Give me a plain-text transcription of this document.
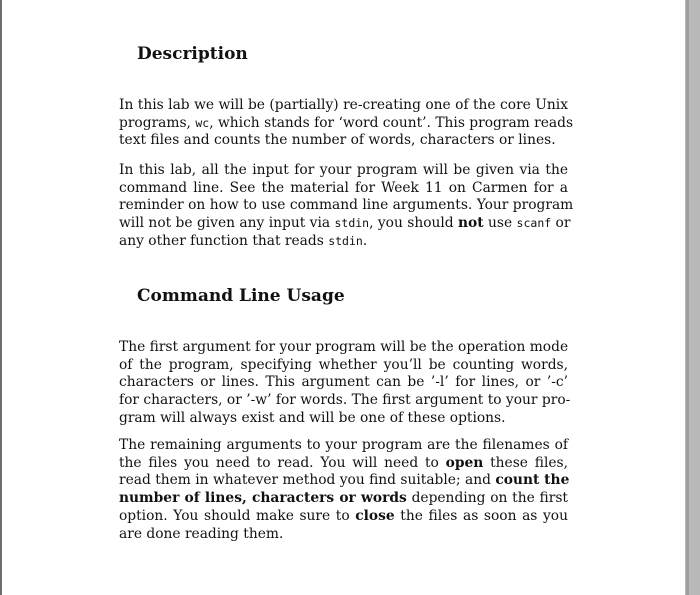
Description
In this lab we will be (partially) re-creating one of the core Unix
programs, wc, which stands for ‘word count’. This program reads
text files and counts the number of words, characters or lines.
In this lab, all the input for your program will be given via the
command line. See the material for Week 11 on Carmen for a
reminder on how to use command line arguments. Your program
will not be given any input via stdin, you should not use scanf or
any other function that reads stdin.
Command Line Usage
The first argument for your program will be the operation mode
of the program, specifying whether you’ll be counting words,
characters or lines. This argument can be ’-l’ for lines, or ’-c’
for characters, or ’-w’ for words. The first argument to your pro-
gram will always exist and will be one of these options.
The remaining arguments to your program are the filenames of
the files you need to read. You will need to open these files,
read them in whatever method you find suitable; and count the
number of lines, characters or words depending on the first
option. You should make sure to close the files as soon as you
are done reading them.
